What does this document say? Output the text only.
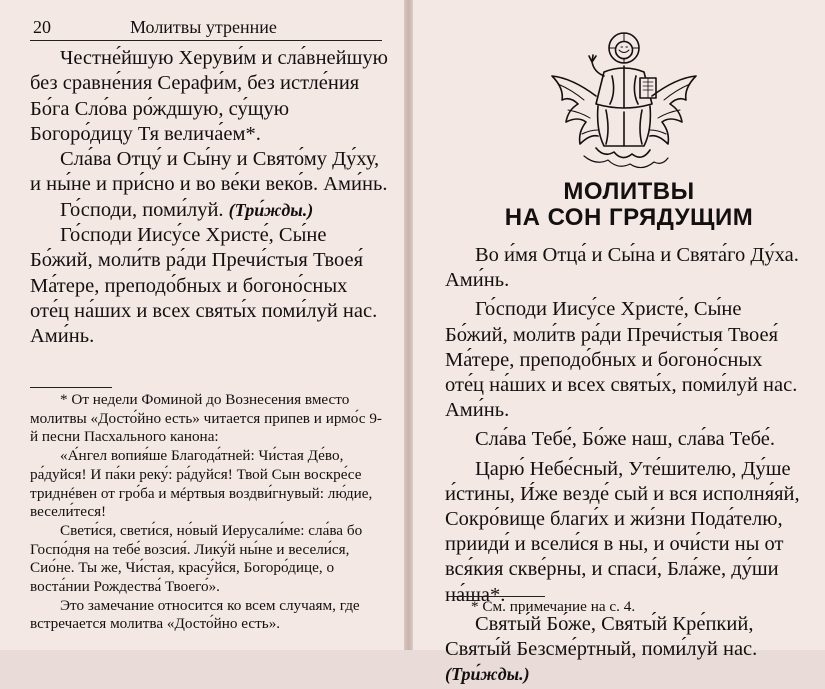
20	Молитвы утренние

Честне́йшую Херуви́м и сла́внейшую без сравне́ния Серафи́м, без истле́ния Бо́га Сло́ва ро́ждшую, су́щую Богоро́дицу Тя велича́ем*.

Сла́ва Отцу́ и Сы́ну и Свято́му Ду́ху, и ны́не и при́сно и во ве́ки веко́в. Ами́нь.

Го́споди, поми́луй. (Три́жды.)

Го́споди Иису́се Христе́, Сы́не Бо́жий, моли́тв ра́ди Пречи́стыя Твоея́ Ма́тере, преподо́бных и богоно́сных оте́ц на́ших и всех святы́х поми́луй нас. Ами́нь.

* От недели Фоминой до Вознесения вместо молитвы «Досто́йно есть» читается припев и ирмо́с 9-й песни Пасхального канона:

«А́нгел вопия́ше Благода́тней: Чи́стая Де́во, ра́дуйся! И па́ки реку́: ра́дуйся! Твой Сын воскре́се триднéвен от гро́ба и мéртвыя воздви́гнувый: лю́дие, весели́теся!

Свети́ся, свети́ся, но́вый Иерусали́ме: сла́ва бо Госпо́дня на тебе́ возсия́. Лику́й ны́не и весели́ся, Сио́не. Ты же, Чи́стая, красу́йся, Богоро́дице, о воста́нии Рождества́ Твоего́».

Это замечание относится ко всем случаям, где встречается молитва «Досто́йно есть».

МОЛИТВЫ
НА СОН ГРЯДУЩИМ

Во и́мя Отца́ и Сы́на и Свята́го Ду́ха. Ами́нь.

Го́споди Иису́се Христе́, Сы́не Бо́жий, моли́тв ра́ди Пречи́стыя Твоея́ Ма́тере, преподо́бных и богоно́сных оте́ц на́ших и всех святы́х, поми́луй нас. Ами́нь.

Сла́ва Тебе́, Бо́же наш, сла́ва Тебе́.

Царю́ Небе́сный, Уте́шителю, Ду́ше и́стины, И́же везде́ сый и вся исполня́яй, Сокро́вище благи́х и жи́зни Пода́телю, прииди́ и всели́ся в ны, и очи́сти ны от вся́кия скве́рны, и спаси́, Бла́же, ду́ши на́ша*.

Святы́й Бо́же, Святы́й Кре́пкий, Святы́й Безсме́ртный, поми́луй нас. (Три́жды.)

* См. примечание на с. 4.
